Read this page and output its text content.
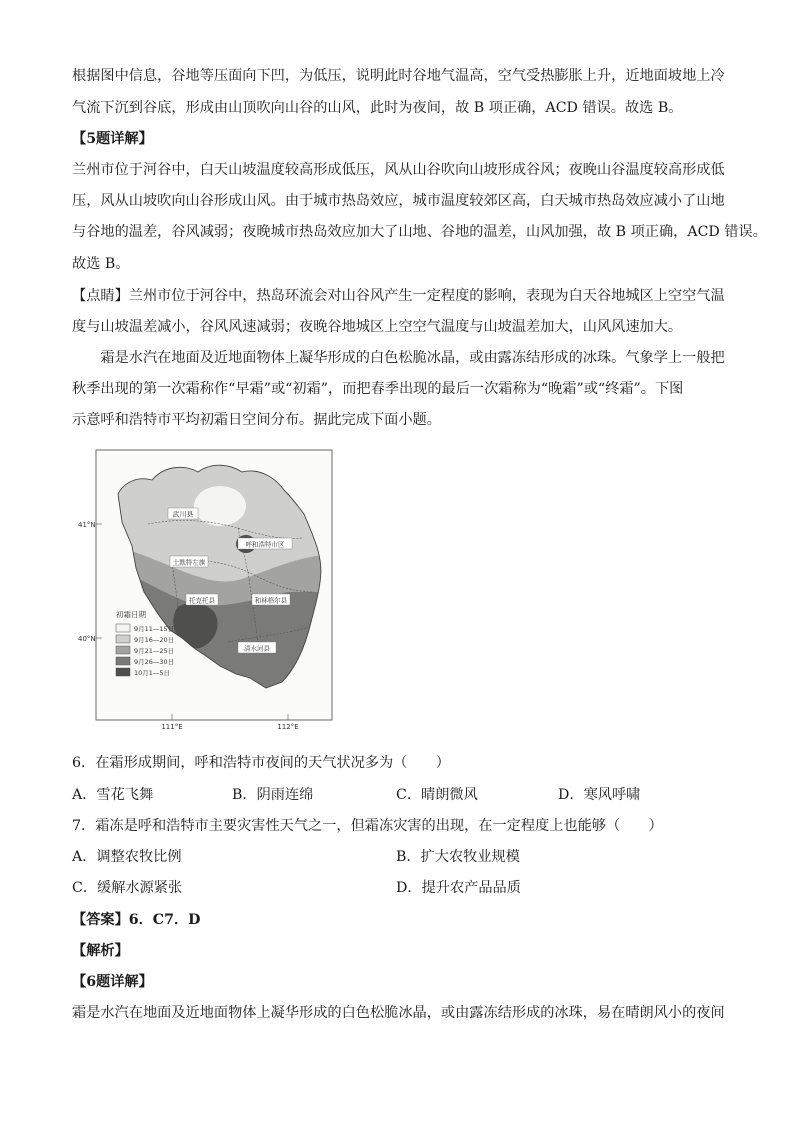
根据图中信息，谷地等压面向下凹，为低压，说明此时谷地气温高，空气受热膨胀上升，近地面坡地上冷
气流下沉到谷底，形成由山顶吹向山谷的山风，此时为夜间，故 B 项正确，ACD 错误。故选 B。
【5题详解】
兰州市位于河谷中，白天山坡温度较高形成低压，风从山谷吹向山坡形成谷风；夜晚山谷温度较高形成低
压，风从山坡吹向山谷形成山风。由于城市热岛效应，城市温度较郊区高，白天城市热岛效应减小了山地
与谷地的温差，谷风减弱；夜晚城市热岛效应加大了山地、谷地的温差，山风加强，故 B 项正确，ACD 错误。
故选 B。
【点睛】兰州市位于河谷中，热岛环流会对山谷风产生一定程度的影响，表现为白天谷地城区上空空气温
度与山坡温差减小，谷风风速减弱；夜晚谷地城区上空空气温度与山坡温差加大，山风风速加大。
　　霜是水汽在地面及近地面物体上凝华形成的白色松脆冰晶，或由露冻结形成的冰珠。气象学上一般把
秋季出现的第一次霜称作“早霜”或“初霜”，而把春季出现的最后一次霜称为“晚霜”或“终霜”。下图
示意呼和浩特市平均初霜日空间分布。据此完成下面小题。
武川县
呼和浩特市区
土默特左旗
托克托县	和林格尔县
清水河县
41°N
40°N
111°E	112°E
初霜日期
9月11—15日
9月16—20日
9月21—25日
9月26—30日
10月1—5日
6．在霜形成期间，呼和浩特市夜间的天气状况多为（　　）
A．雪花飞舞	B．阴雨连绵	C．晴朗微风	D．寒风呼啸
7．霜冻是呼和浩特市主要灾害性天气之一，但霜冻灾害的出现，在一定程度上也能够（　　）
A．调整农牧比例	B．扩大农牧业规模
C．缓解水源紧张	D．提升农产品品质
【答案】6．C7．D
【解析】
【6题详解】
霜是水汽在地面及近地面物体上凝华形成的白色松脆冰晶，或由露冻结形成的冰珠，易在晴朗风小的夜间
